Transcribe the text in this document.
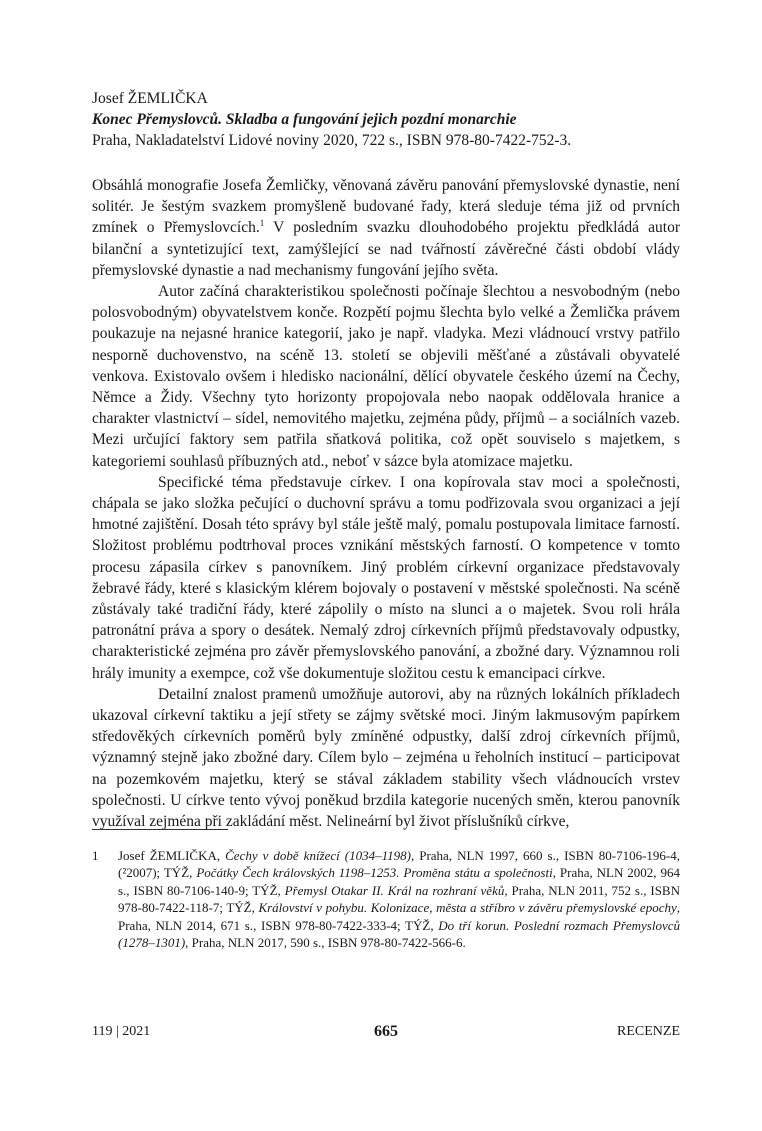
Josef ŽEMLIČKA
Konec Přemyslovců. Skladba a fungování jejich pozdní monarchie
Praha, Nakladatelství Lidové noviny 2020, 722 s., ISBN 978-80-7422-752-3.

Obsáhlá monografie Josefa Žemličky, věnovaná závěru panování přemyslovské dynastie, není solitér. Je šestým svazkem promyšleně budované řady, která sleduje téma již od prvních zmínek o Přemyslovcích.$^1$ V posledním svazku dlouhodobého projektu předkládá autor bilanční a syntetizující text, zamýšlející se nad tvářností závěrečné části období vlády přemyslovské dynastie a nad mechanismy fungování jejího světa.

Autor začíná charakteristikou společnosti počínaje šlechtou a nesvobodným (nebo polosvobodným) obyvatelstvem konče. Rozpětí pojmu šlechta bylo velké a Žemlička právem poukazuje na nejasné hranice kategorií, jako je např. vladyka. Mezi vládnoucí vrstvy patřilo nesporně duchovenstvo, na scéně 13. století se objevili měšťané a zůstávali obyvatelé venkova. Existovalo ovšem i hledisko nacionální, dělící obyvatele českého území na Čechy, Němce a Židy. Všechny tyto horizonty propojovala nebo naopak oddělovala hranice a charakter vlastnictví – sídel, nemovitého majetku, zejména půdy, příjmů – a sociálních vazeb. Mezi určující faktory sem patřila sňatková politika, což opět souviselo s majetkem, s kategoriemi souhlasů příbuzných atd., neboť v sázce byla atomizace majetku.

Specifické téma představuje církev. I ona kopírovala stav moci a společnosti, chápala se jako složka pečující o duchovní správu a tomu podřizovala svou organizaci a její hmotné zajištění. Dosah této správy byl stále ještě malý, pomalu postupovala limitace farností. Složitost problému podtrhoval proces vznikání městských farností. O kompetence v tomto procesu zápasila církev s panovníkem. Jiný problém církevní organizace představovaly žebravé řády, které s klasickým klérem bojovaly o postavení v městské společnosti. Na scéně zůstávaly také tradiční řády, které zápolily o místo na slunci a o majetek. Svou roli hrála patronátní práva a spory o desátek. Nemalý zdroj církevních příjmů představovaly odpustky, charakteristické zejména pro závěr přemyslovského panování, a zbožné dary. Významnou roli hrály imunity a exempce, což vše dokumentuje složitou cestu k emancipaci církve.

Detailní znalost pramenů umožňuje autorovi, aby na různých lokálních příkladech ukazoval církevní taktiku a její střety se zájmy světské moci. Jiným lakmusovým papírkem středověkých církevních poměrů byly zmíněné odpustky, další zdroj církevních příjmů, významný stejně jako zbožné dary. Cílem bylo – zejména u řeholních institucí – participovat na pozemkovém majetku, který se stával základem stability všech vládnoucích vrstev společnosti. U církve tento vývoj poněkud brzdila kategorie nucených směn, kterou panovník využíval zejména při zakládání měst. Nelineární byl život příslušníků církve,

1 Josef ŽEMLIČKA, Čechy v době knížecí (1034–1198), Praha, NLN 1997, 660 s., ISBN 80-7106-196-4, (²2007); TÝŽ, Počátky Čech královských 1198–1253. Proměna státu a společnosti, Praha, NLN 2002, 964 s., ISBN 80-7106-140-9; TÝŽ, Přemysl Otakar II. Král na rozhraní věků, Praha, NLN 2011, 752 s., ISBN 978-80-7422-118-7; TÝŽ, Království v pohybu. Kolonizace, města a stříbro v závěru přemyslovské epochy, Praha, NLN 2014, 671 s., ISBN 978-80-7422-333-4; TÝŽ, Do tří korun. Poslední rozmach Přemyslovců (1278–1301), Praha, NLN 2017, 590 s., ISBN 978-80-7422-566-6.
119 | 2021	665	RECENZE
